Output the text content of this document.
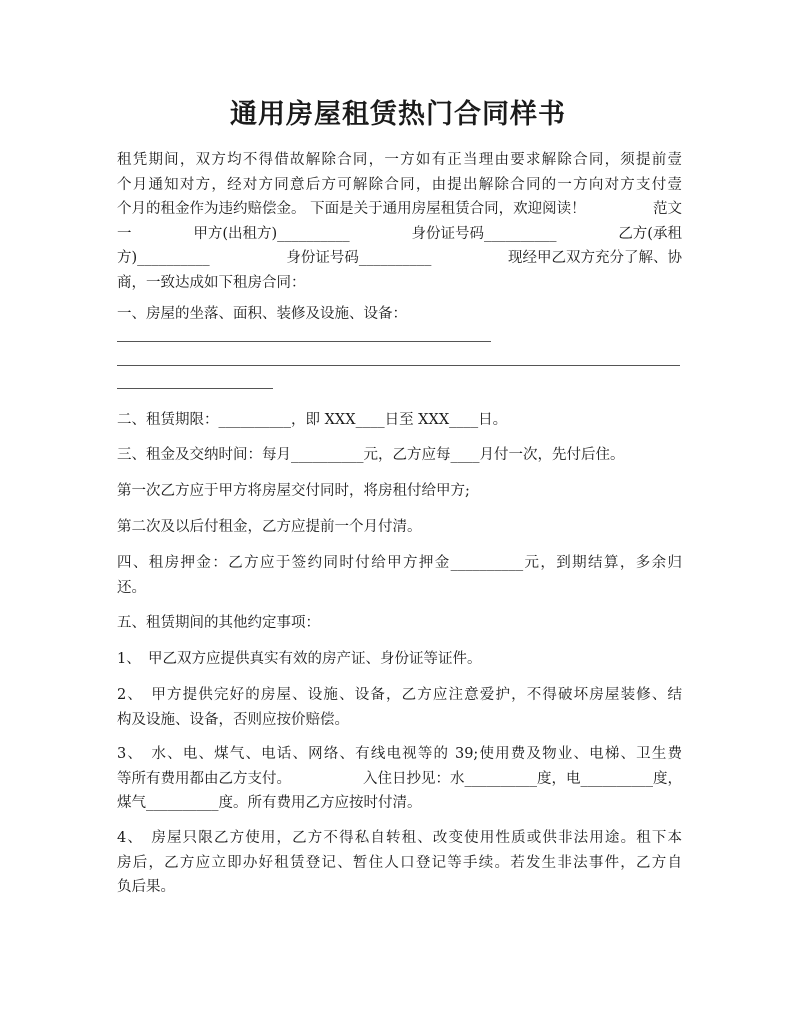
通用房屋租赁热门合同样书
租凭期间，双方均不得借故解除合同，一方如有正当理由要求解除合同，须提前壹
个月通知对方，经对方同意后方可解除合同，由提出解除合同的一方向对方支付壹
个月的租金作为违约赔偿金。 下面是关于通用房屋租赁合同，欢迎阅读！	范文
一	甲方(出租方)__________	身份证号码__________	乙方(承租
方)__________	身份证号码__________	现经甲乙双方充分了解、协
商，一致达成如下租房合同：
一、房屋的坐落、面积、装修及设施、设备：
二、租赁期限：__________，即 XXX____日至 XXX____日。
三、租金及交纳时间：每月__________元，乙方应每____月付一次，先付后住。
第一次乙方应于甲方将房屋交付同时，将房租付给甲方;
第二次及以后付租金，乙方应提前一个月付清。
四、租房押金：乙方应于签约同时付给甲方押金__________元，到期结算，多余归
还。
五、租赁期间的其他约定事项：
1、　甲乙双方应提供真实有效的房产证、身份证等证件。
2、　甲方提供完好的房屋、设施、设备，乙方应注意爱护，不得破坏房屋装修、结
构及设施、设备，否则应按价赔偿。
3、　水、电、煤气、电话、网络、有线电视等的 39;使用费及物业、电梯、卫生费
等所有费用都由乙方支付。	入住日抄见：水__________度，电__________度，
煤气__________度。所有费用乙方应按时付清。
4、　房屋只限乙方使用，乙方不得私自转租、改变使用性质或供非法用途。租下本
房后，乙方应立即办好租赁登记、暂住人口登记等手续。若发生非法事件，乙方自
负后果。
